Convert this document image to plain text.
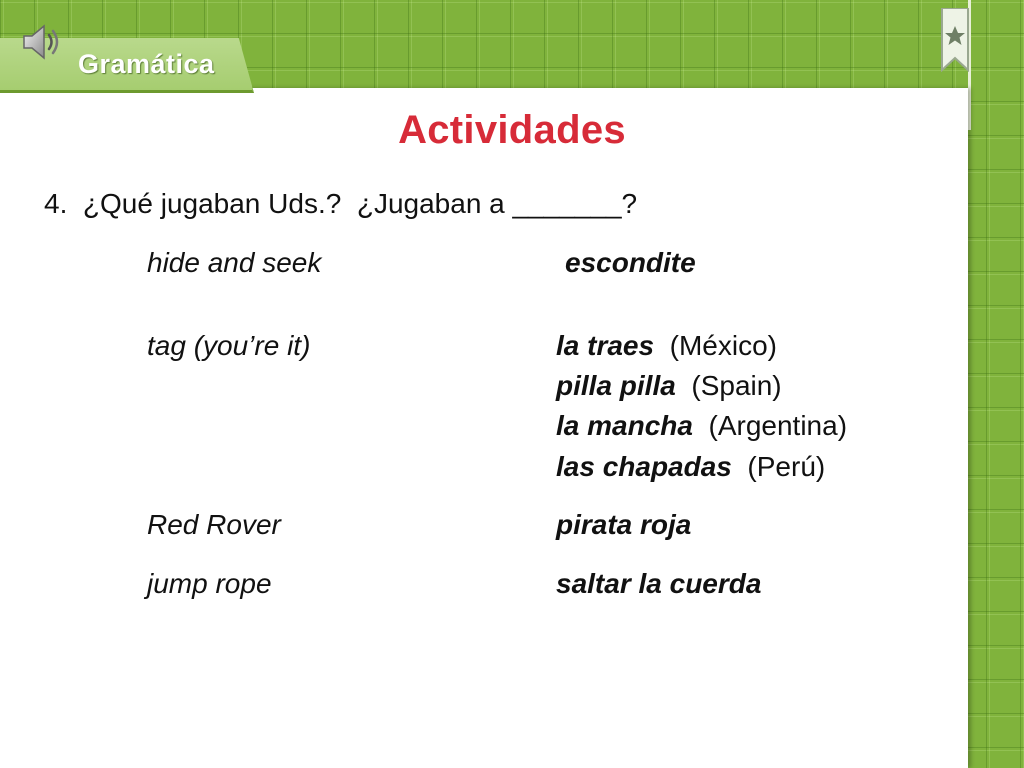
Gramática
Actividades
4.  ¿Qué jugaban Uds.?  ¿Jugaban a _______?
hide and seek	escondite
tag (you’re it)	la traes  (México)
pilla pilla  (Spain)
la mancha  (Argentina)
las chapadas  (Perú)
Red Rover	pirata roja
jump rope	saltar la cuerda
